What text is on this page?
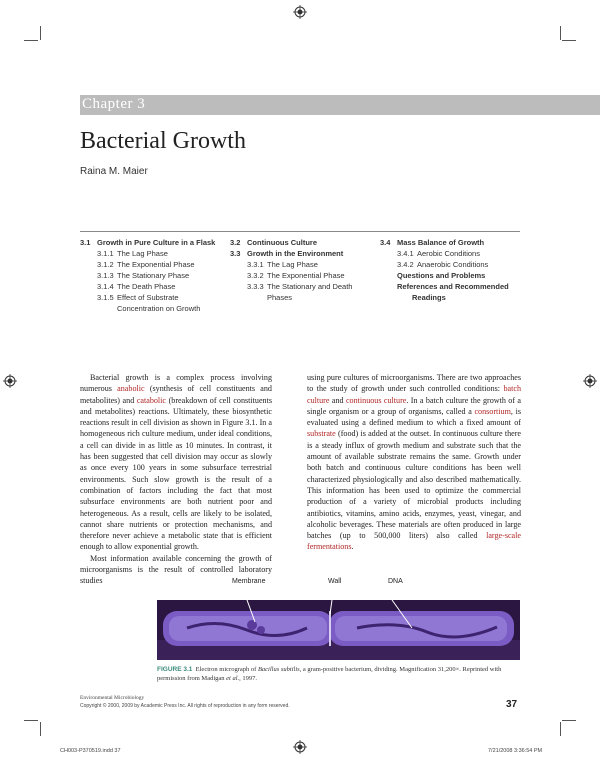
Chapter 3
Bacterial Growth
Raina M. Maier
3.1 Growth in Pure Culture in a Flask
3.1.1 The Lag Phase
3.1.2 The Exponential Phase
3.1.3 The Stationary Phase
3.1.4 The Death Phase
3.1.5 Effect of Substrate
Concentration on Growth
3.2 Continuous Culture
3.3 Growth in the Environment
3.3.1 The Lag Phase
3.3.2 The Exponential Phase
3.3.3 The Stationary and Death
Phases
3.4 Mass Balance of Growth
3.4.1 Aerobic Conditions
3.4.2 Anaerobic Conditions
Questions and Problems
References and Recommended
Readings
Bacterial growth is a complex process involving numerous anabolic (synthesis of cell constituents and metabolites) and catabolic (breakdown of cell constituents and metabolites) reactions. Ultimately, these biosynthetic reactions result in cell division as shown in Figure 3.1. In a homogeneous rich culture medium, under ideal conditions, a cell can divide in as little as 10 minutes. In contrast, it has been suggested that cell division may occur as slowly as once every 100 years in some subsurface terrestrial environments. Such slow growth is the result of a combination of factors including the fact that most subsurface environments are both nutrient poor and heterogeneous. As a result, cells are likely to be isolated, cannot share nutrients or protection mechanisms, and therefore never achieve a metabolic state that is efficient enough to allow exponential growth.
Most information available concerning the growth of microorganisms is the result of controlled laboratory studies
using pure cultures of microorganisms. There are two approaches to the study of growth under such controlled conditions: batch culture and continuous culture. In a batch culture the growth of a single organism or a group of organisms, called a consortium, is evaluated using a defined medium to which a fixed amount of substrate (food) is added at the outset. In continuous culture there is a steady influx of growth medium and substrate such that the amount of available substrate remains the same. Growth under both batch and continuous culture conditions has been well characterized physiologically and also described mathematically. This information has been used to optimize the commercial production of a variety of microbial products including antibiotics, vitamins, amino acids, enzymes, yeast, vinegar, and alcoholic beverages. These materials are often produced in large batches (up to 500,000 liters) also called large-scale fermentations.
Membrane	Wall	DNA
FIGURE 3.1 Electron micrograph of Bacillus subtilis, a gram-positive bacterium, dividing. Magnification 31,200×. Reprinted with permission from Madigan et al., 1997.
Environmental Microbiology
Copyright © 2000, 2009 by Academic Press Inc. All rights of reproduction in any form reserved.	37
CH003-P370519.indd 37	7/21/2008 3:36:54 PM
